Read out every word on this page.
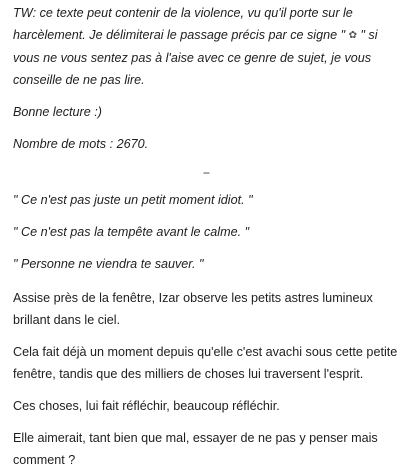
TW: ce texte peut contenir de la violence, vu qu'il porte sur le harcèlement. Je délimiterai le passage précis par ce signe " ✿ " si vous ne vous sentez pas à l'aise avec ce genre de sujet, je vous conseille de ne pas lire.

Bonne lecture :)

Nombre de mots : 2670.

--

" Ce n'est pas juste un petit moment idiot. "

" Ce n'est pas la tempête avant le calme. "

" Personne ne viendra te sauver. "

Assise près de la fenêtre, Izar observe les petits astres lumineux brillant dans le ciel.

Cela fait déjà un moment depuis qu'elle c'est avachi sous cette petite fenêtre, tandis que des milliers de choses lui traversent l'esprit.

Ces choses, lui fait réfléchir, beaucoup réfléchir.

Elle aimerait, tant bien que mal, essayer de ne pas y penser mais comment ?
